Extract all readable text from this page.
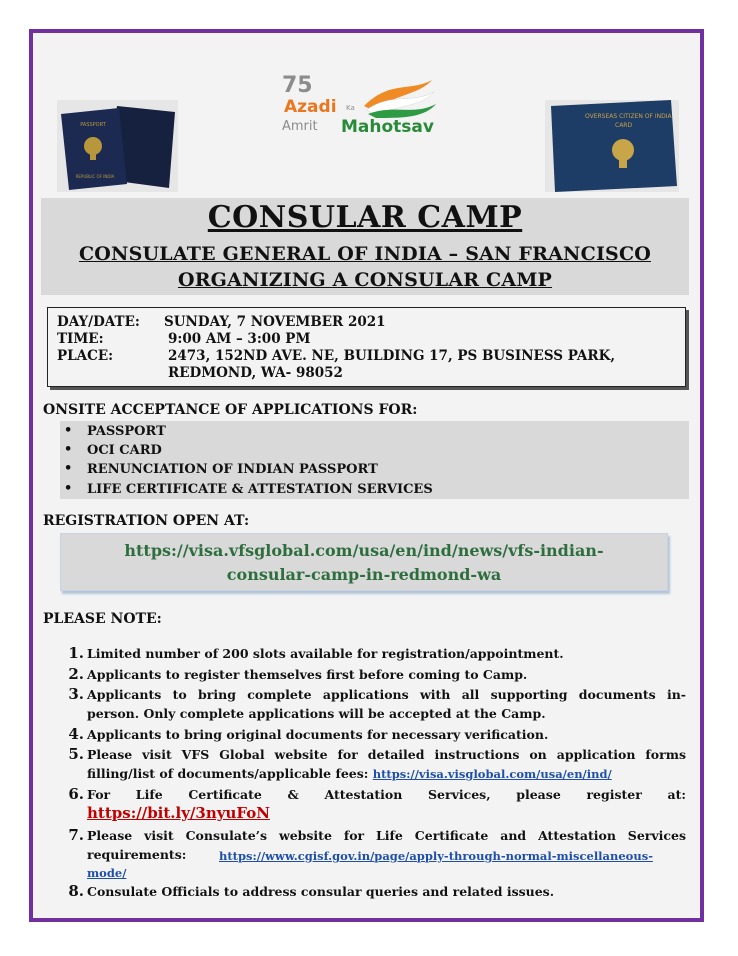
PASSPORT
REPUBLIC OF INDIA
75
Azadi Ka
Amrit Mahotsav
OVERSEAS CITIZEN OF INDIA
CARD
CONSULAR CAMP
CONSULATE GENERAL OF INDIA – SAN FRANCISCO
ORGANIZING A CONSULAR CAMP
DAY/DATE: SUNDAY, 7 NOVEMBER 2021
TIME:	9:00 AM – 3:00 PM
PLACE:	2473, 152ND AVE. NE, BUILDING 17, PS BUSINESS PARK,
REDMOND, WA- 98052
ONSITE ACCEPTANCE OF APPLICATIONS FOR:
• PASSPORT
• OCI CARD
• RENUNCIATION OF INDIAN PASSPORT
• LIFE CERTIFICATE & ATTESTATION SERVICES
REGISTRATION OPEN AT:
https://visa.vfsglobal.com/usa/en/ind/news/vfs-indian-
consular-camp-in-redmond-wa
PLEASE NOTE:
1. Limited number of 200 slots available for registration/appointment.
2. Applicants to register themselves first before coming to Camp.
3. Applicants to bring complete applications with all supporting documents in-
person. Only complete applications will be accepted at the Camp.
4. Applicants to bring original documents for necessary verification.
5. Please visit VFS Global website for detailed instructions on application forms
filling/list of documents/applicable fees: https://visa.visglobal.com/usa/en/ind/
6. For Life Certificate & Attestation Services, please register at:
https://bit.ly/3nyuFoN
7. Please visit Consulate’s website for Life Certificate and Attestation Services
requirements:	https://www.cgisf.gov.in/page/apply-through-normal-miscellaneous-
mode/
8. Consulate Officials to address consular queries and related issues.
